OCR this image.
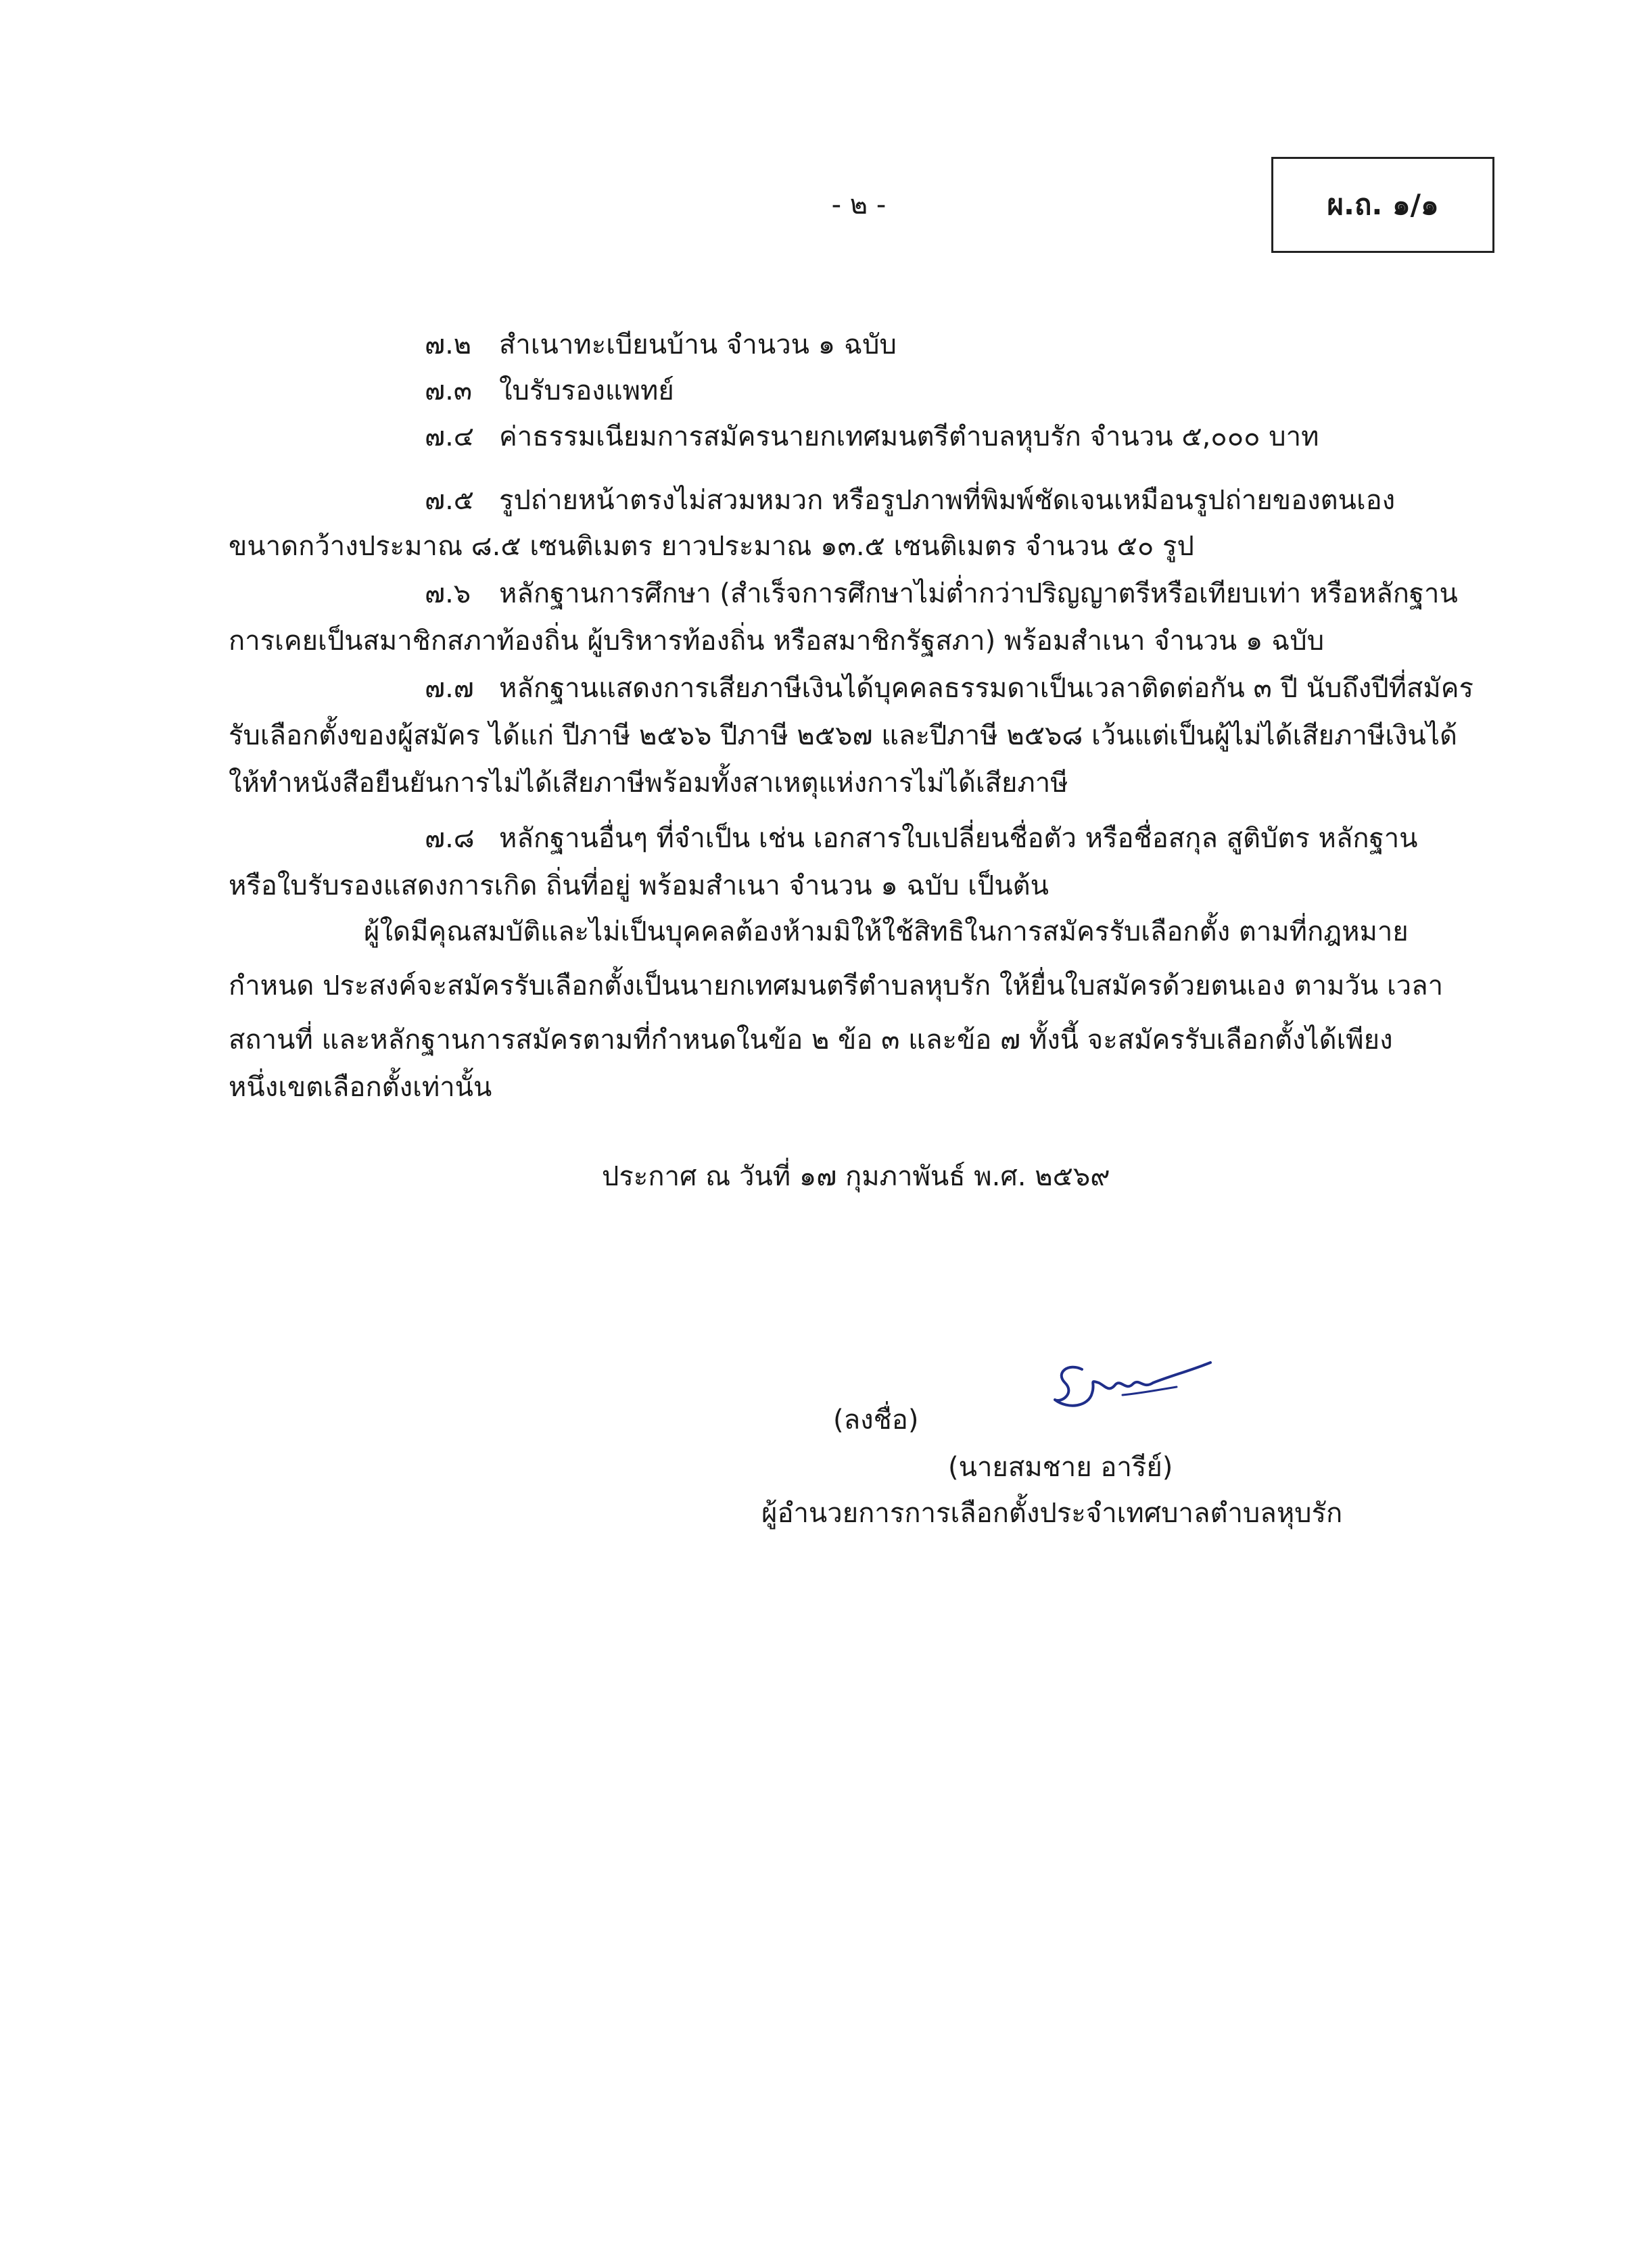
- ๒ -	ผ.ถ. ๑/๑
๗.๒ สำเนาทะเบียนบ้าน จำนวน ๑ ฉบับ
๗.๓ ใบรับรองแพทย์
๗.๔ ค่าธรรมเนียมการสมัครนายกเทศมนตรีตำบลหุบรัก จำนวน ๕,๐๐๐ บาท
๗.๕ รูปถ่ายหน้าตรงไม่สวมหมวก หรือรูปภาพที่พิมพ์ชัดเจนเหมือนรูปถ่ายของตนเอง
ขนาดกว้างประมาณ ๘.๕ เซนติเมตร ยาวประมาณ ๑๓.๕ เซนติเมตร จำนวน ๕๐ รูป
๗.๖ หลักฐานการศึกษา (สำเร็จการศึกษาไม่ต่ำกว่าปริญญาตรีหรือเทียบเท่า หรือหลักฐาน
การเคยเป็นสมาชิกสภาท้องถิ่น ผู้บริหารท้องถิ่น หรือสมาชิกรัฐสภา) พร้อมสำเนา จำนวน ๑ ฉบับ
๗.๗ หลักฐานแสดงการเสียภาษีเงินได้บุคคลธรรมดาเป็นเวลาติดต่อกัน ๓ ปี นับถึงปีที่สมัคร
รับเลือกตั้งของผู้สมัคร ได้แก่ ปีภาษี ๒๕๖๖ ปีภาษี ๒๕๖๗ และปีภาษี ๒๕๖๘ เว้นแต่เป็นผู้ไม่ได้เสียภาษีเงินได้
ให้ทำหนังสือยืนยันการไม่ได้เสียภาษีพร้อมทั้งสาเหตุแห่งการไม่ได้เสียภาษี
๗.๘ หลักฐานอื่นๆ ที่จำเป็น เช่น เอกสารใบเปลี่ยนชื่อตัว หรือชื่อสกุล สูติบัตร หลักฐาน
หรือใบรับรองแสดงการเกิด ถิ่นที่อยู่ พร้อมสำเนา จำนวน ๑ ฉบับ เป็นต้น
ผู้ใดมีคุณสมบัติและไม่เป็นบุคคลต้องห้ามมิให้ใช้สิทธิในการสมัครรับเลือกตั้ง ตามที่กฎหมาย
กำหนด ประสงค์จะสมัครรับเลือกตั้งเป็นนายกเทศมนตรีตำบลหุบรัก ให้ยื่นใบสมัครด้วยตนเอง ตามวัน เวลา
สถานที่ และหลักฐานการสมัครตามที่กำหนดในข้อ ๒ ข้อ ๓ และข้อ ๗ ทั้งนี้ จะสมัครรับเลือกตั้งได้เพียง
หนึ่งเขตเลือกตั้งเท่านั้น
ประกาศ ณ วันที่ ๑๗ กุมภาพันธ์ พ.ศ. ๒๕๖๙
(ลงชื่อ)
(นายสมชาย อารีย์)
ผู้อำนวยการการเลือกตั้งประจำเทศบาลตำบลหุบรัก
